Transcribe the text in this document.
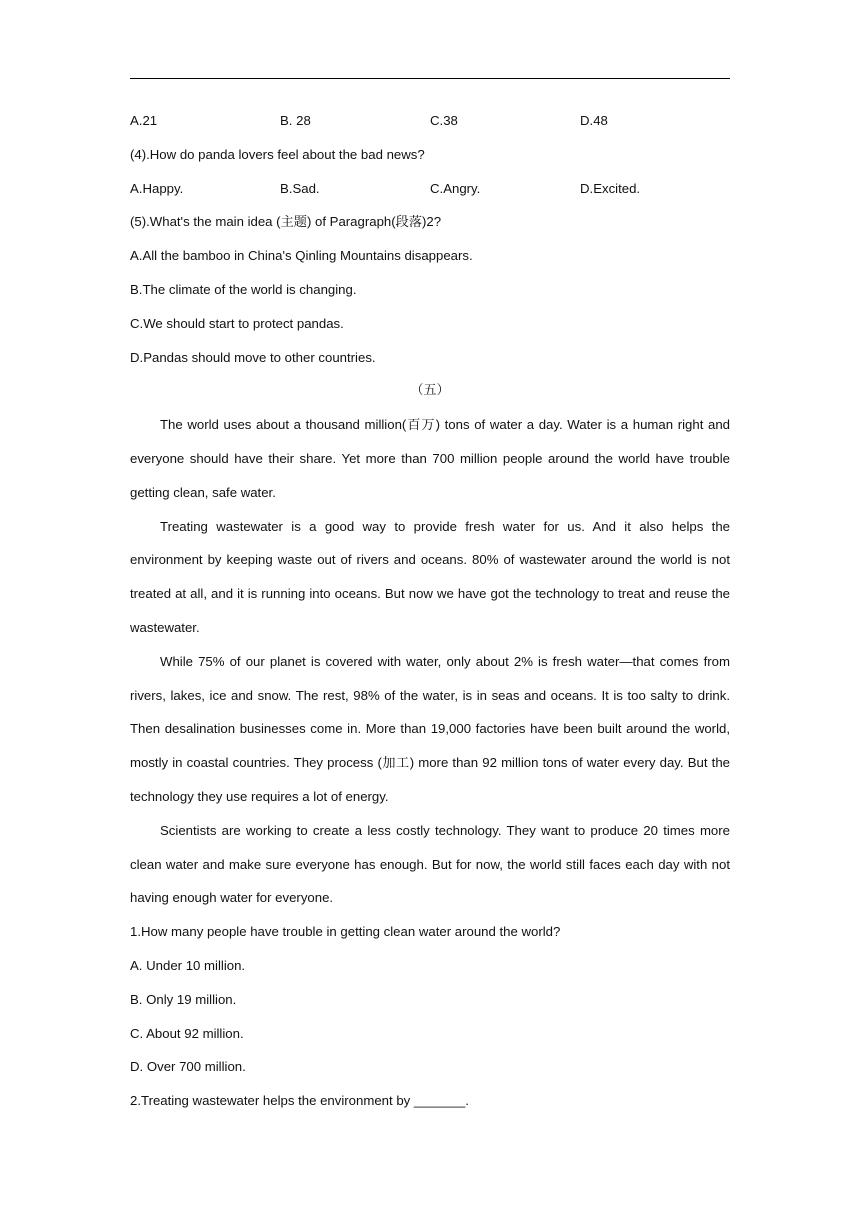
A.21	B. 28	C.38	D.48
(4).How do panda lovers feel about the bad news?
A.Happy.	B.Sad.	C.Angry.	D.Excited.
(5).What's the main idea (主题) of Paragraph(段落)2?
A.All the bamboo in China's Qinling Mountains disappears.
B.The climate of the world is changing.
C.We should start to protect pandas.
D.Pandas should move to other countries.
（五）

The world uses about a thousand million(百万) tons of water a day. Water is a human right and everyone should have their share. Yet more than 700 million people around the world have trouble getting clean, safe water.

Treating wastewater is a good way to provide fresh water for us. And it also helps the environment by keeping waste out of rivers and oceans. 80% of wastewater around the world is not treated at all, and it is running into oceans. But now we have got the technology to treat and reuse the wastewater.

While 75% of our planet is covered with water, only about 2% is fresh water—that comes from rivers, lakes, ice and snow. The rest, 98% of the water, is in seas and oceans. It is too salty to drink. Then desalination businesses come in. More than 19,000 factories have been built around the world, mostly in coastal countries. They process (加工) more than 92 million tons of water every day. But the technology they use requires a lot of energy.

Scientists are working to create a less costly technology. They want to produce 20 times more clean water and make sure everyone has enough. But for now, the world still faces each day with not having enough water for everyone.

1.How many people have trouble in getting clean water around the world?
A. Under 10 million.
B. Only 19 million.
C. About 92 million.
D. Over 700 million.
2.Treating wastewater helps the environment by _______.
